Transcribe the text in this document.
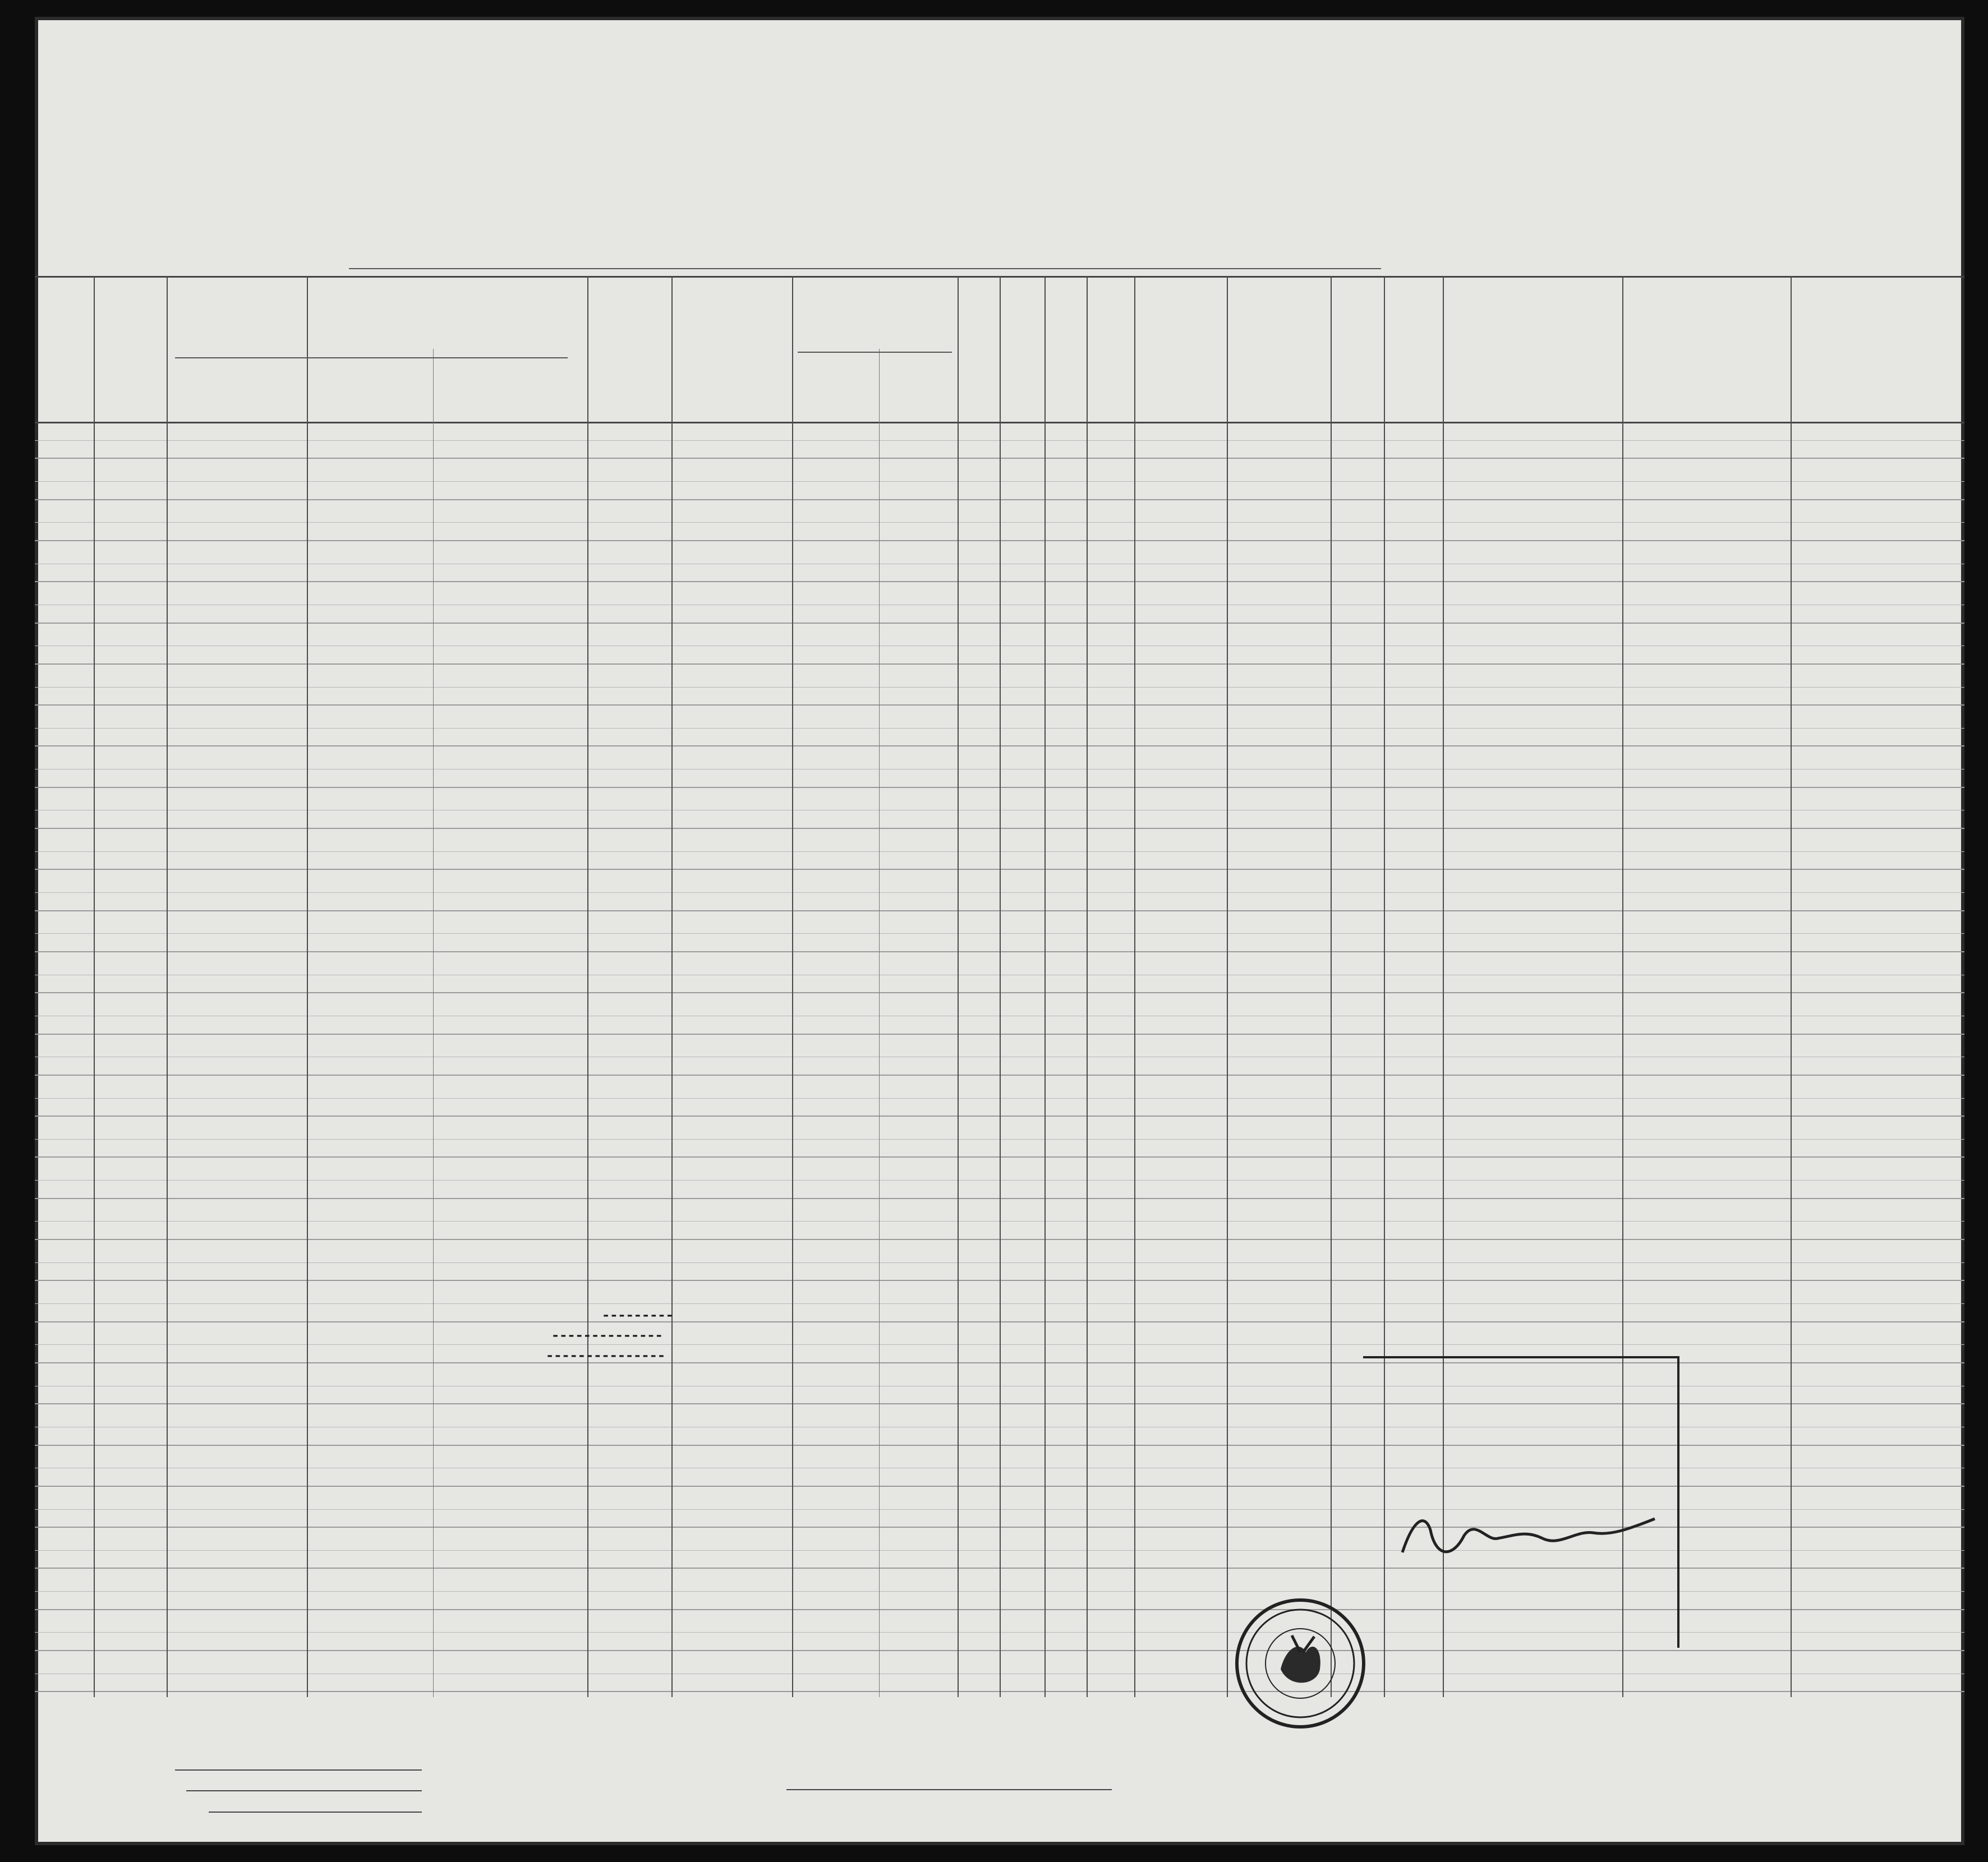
---------
--------------
---------------
